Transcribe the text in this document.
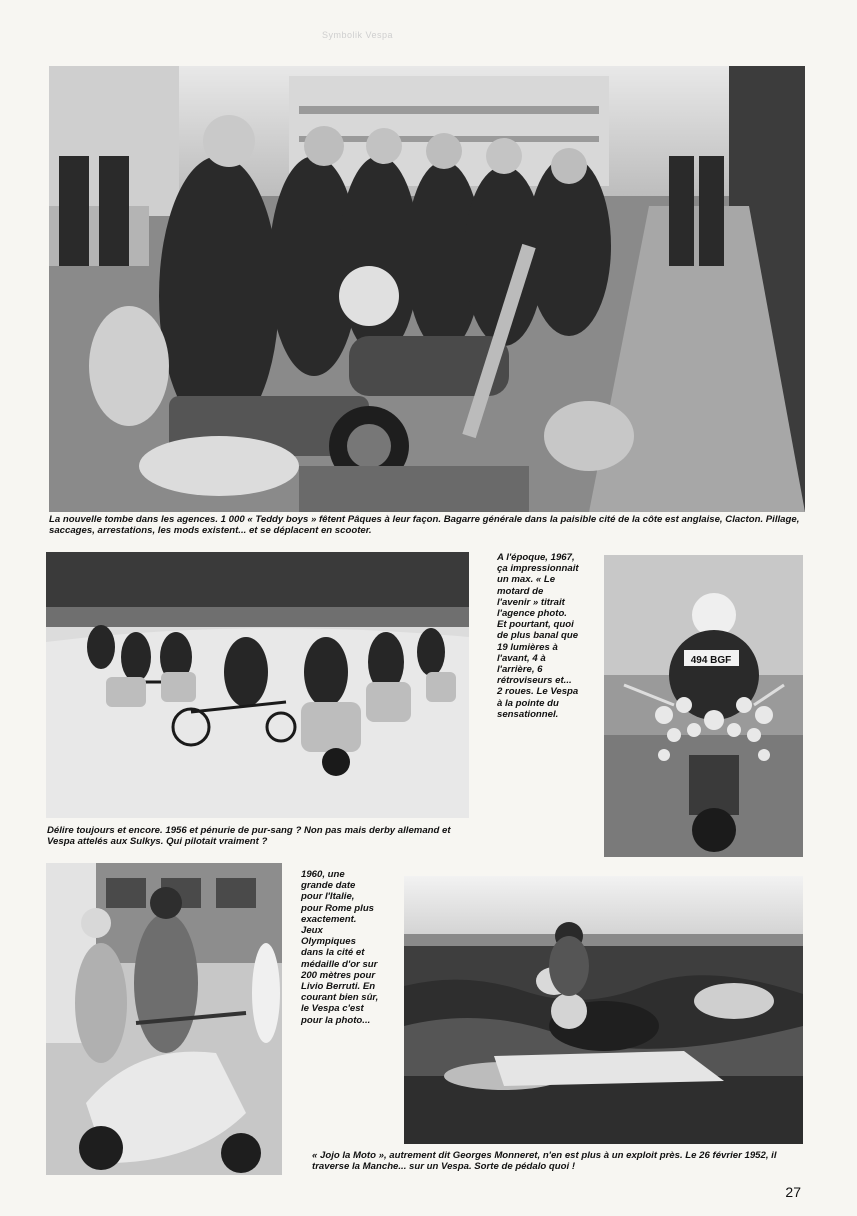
Symbolik Vespa

La nouvelle tombe dans les agences. 1 000 « Teddy boys » fêtent Pâques à leur façon. Bagarre générale dans la paisible cité de la côte est anglaise, Clacton. Pillage, saccages, arrestations, les mods existent... et se déplacent en scooter.

Délire toujours et encore. 1956 et pénurie de pur-sang ? Non pas mais derby allemand et Vespa attelés aux Sulkys. Qui pilotait vraiment ?

A l'époque, 1967,
ça impressionnait
un max. « Le
motard de
l'avenir » titrait
l'agence photo.
Et pourtant, quoi
de plus banal que
19 lumières à
l'avant, 4 à
l'arrière, 6
rétroviseurs et...
2 roues. Le Vespa
à la pointe du
sensationnel.
494 BGF
1960, une
grande date
pour l'Italie,
pour Rome plus
exactement.
Jeux
Olympiques
dans la cité et
médaille d'or sur
200 mètres pour
Livio Berruti. En
courant bien sûr,
le Vespa c'est
pour la photo...

« Jojo la Moto », autrement dit Georges Monneret, n'en est plus à un exploit près. Le 26 février 1952, il traverse la Manche... sur un Vespa. Sorte de pédalo quoi !

27
